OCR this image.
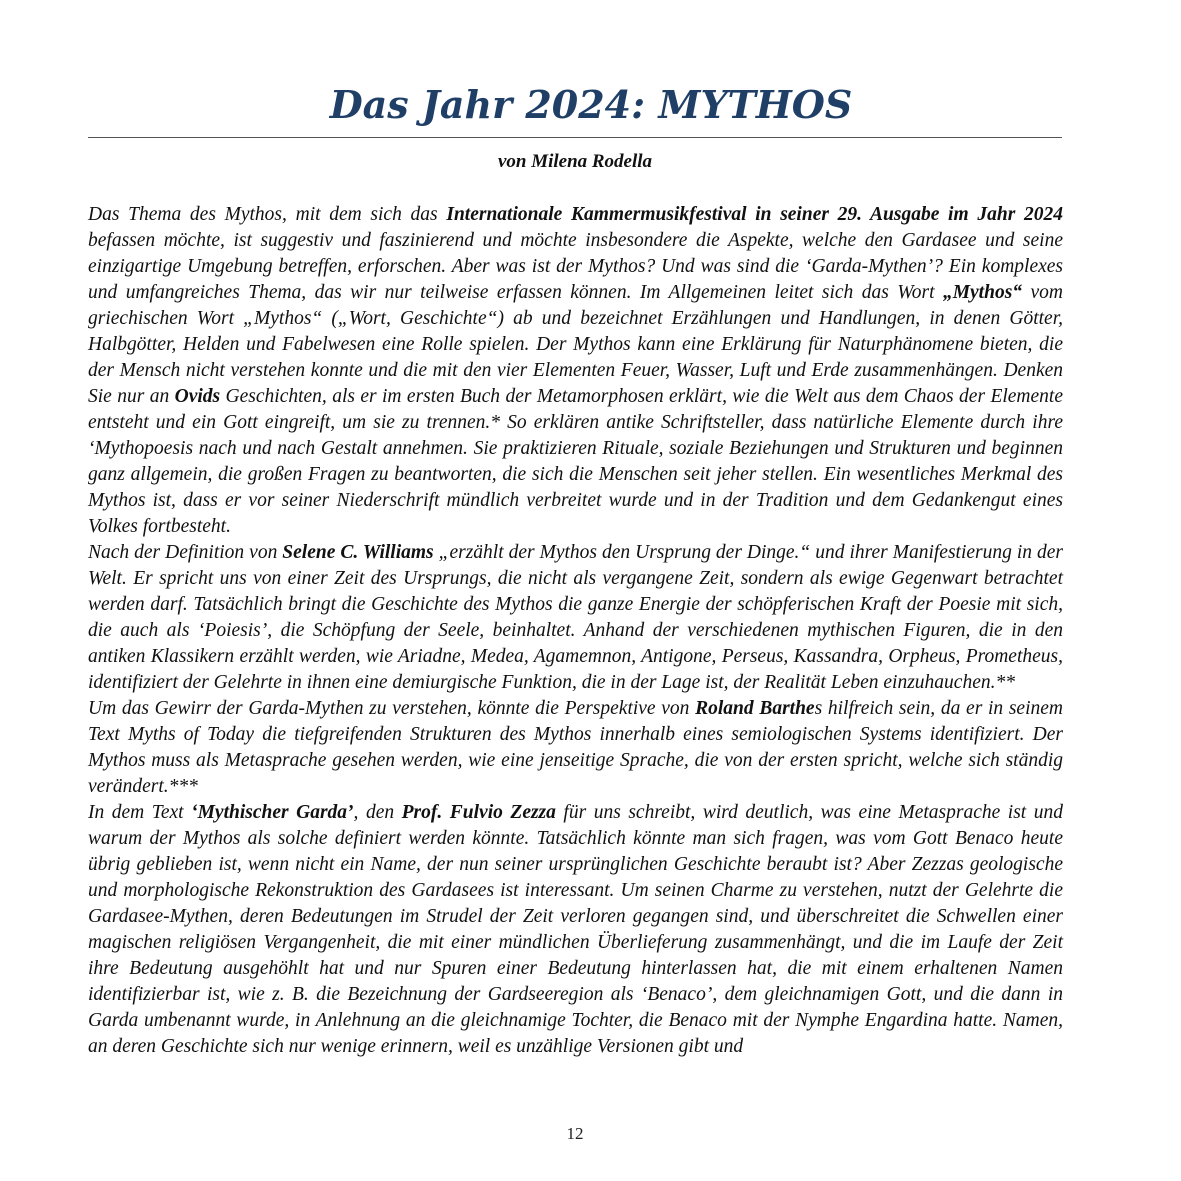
Das Jahr 2024: MYTHOS

von Milena Rodella

Das Thema des Mythos, mit dem sich das Internationale Kammermusikfestival in seiner 29. Ausgabe im Jahr 2024 befassen möchte, ist suggestiv und faszinierend und möchte insbesondere die Aspekte, welche den Gardasee und seine einzigartige Umgebung betreffen, erforschen. Aber was ist der Mythos? Und was sind die ‘Garda-Mythen’? Ein komplexes und umfangreiches Thema, das wir nur teilweise erfassen können. Im Allgemeinen leitet sich das Wort „Mythos“ vom griechischen Wort „Mythos“ („Wort, Geschichte“) ab und bezeichnet Erzählungen und Handlungen, in denen Götter, Halbgötter, Helden und Fabelwesen eine Rolle spielen. Der Mythos kann eine Erklärung für Naturphänomene bieten, die der Mensch nicht verstehen konnte und die mit den vier Elementen Feuer, Wasser, Luft und Erde zusammenhängen. Denken Sie nur an Ovids Geschichten, als er im ersten Buch der Metamorphosen erklärt, wie die Welt aus dem Chaos der Elemente entsteht und ein Gott eingreift, um sie zu trennen.* So erklären antike Schriftsteller, dass natürliche Elemente durch ihre ‘Mythopoesis nach und nach Gestalt annehmen. Sie praktizieren Rituale, soziale Beziehungen und Strukturen und beginnen ganz allgemein, die großen Fragen zu beantworten, die sich die Menschen seit jeher stellen. Ein wesentliches Merkmal des Mythos ist, dass er vor seiner Niederschrift mündlich verbreitet wurde und in der Tradition und dem Gedankengut eines Volkes fortbesteht.

Nach der Definition von Selene C. Williams „erzählt der Mythos den Ursprung der Dinge.“ und ihrer Manifestierung in der Welt. Er spricht uns von einer Zeit des Ursprungs, die nicht als vergangene Zeit, sondern als ewige Gegenwart betrachtet werden darf. Tatsächlich bringt die Geschichte des Mythos die ganze Energie der schöpferischen Kraft der Poesie mit sich, die auch als ‘Poiesis’, die Schöpfung der Seele, beinhaltet. Anhand der verschiedenen mythischen Figuren, die in den antiken Klassikern erzählt werden, wie Ariadne, Medea, Agamemnon, Antigone, Perseus, Kassandra, Orpheus, Prometheus, identifiziert der Gelehrte in ihnen eine demiurgische Funktion, die in der Lage ist, der Realität Leben einzuhauchen.**

Um das Gewirr der Garda-Mythen zu verstehen, könnte die Perspektive von Roland Barthes hilfreich sein, da er in seinem Text Myths of Today die tiefgreifenden Strukturen des Mythos innerhalb eines semiologischen Systems identifiziert. Der Mythos muss als Metasprache gesehen werden, wie eine jenseitige Sprache, die von der ersten spricht, welche sich ständig verändert.***

In dem Text ‘Mythischer Garda’, den Prof. Fulvio Zezza für uns schreibt, wird deutlich, was eine Metasprache ist und warum der Mythos als solche definiert werden könnte. Tatsächlich könnte man sich fragen, was vom Gott Benaco heute übrig geblieben ist, wenn nicht ein Name, der nun seiner ursprünglichen Geschichte beraubt ist? Aber Zezzas geologische und morphologische Rekonstruktion des Gardasees ist interessant. Um seinen Charme zu verstehen, nutzt der Gelehrte die Gardasee-Mythen, deren Bedeutungen im Strudel der Zeit verloren gegangen sind, und überschreitet die Schwellen einer magischen religiösen Vergangenheit, die mit einer mündlichen Überlieferung zusammenhängt, und die im Laufe der Zeit ihre Bedeutung ausgehöhlt hat und nur Spuren einer Bedeutung hinterlassen hat, die mit einem erhaltenen Namen identifizierbar ist, wie z. B. die Bezeichnung der Gardseeregion als ‘Benaco’, dem gleichnamigen Gott, und die dann in Garda umbenannt wurde, in Anlehnung an die gleichnamige Tochter, die Benaco mit der Nymphe Engardina hatte. Namen, an deren Geschichte sich nur wenige erinnern, weil es unzählige Versionen gibt und

12
